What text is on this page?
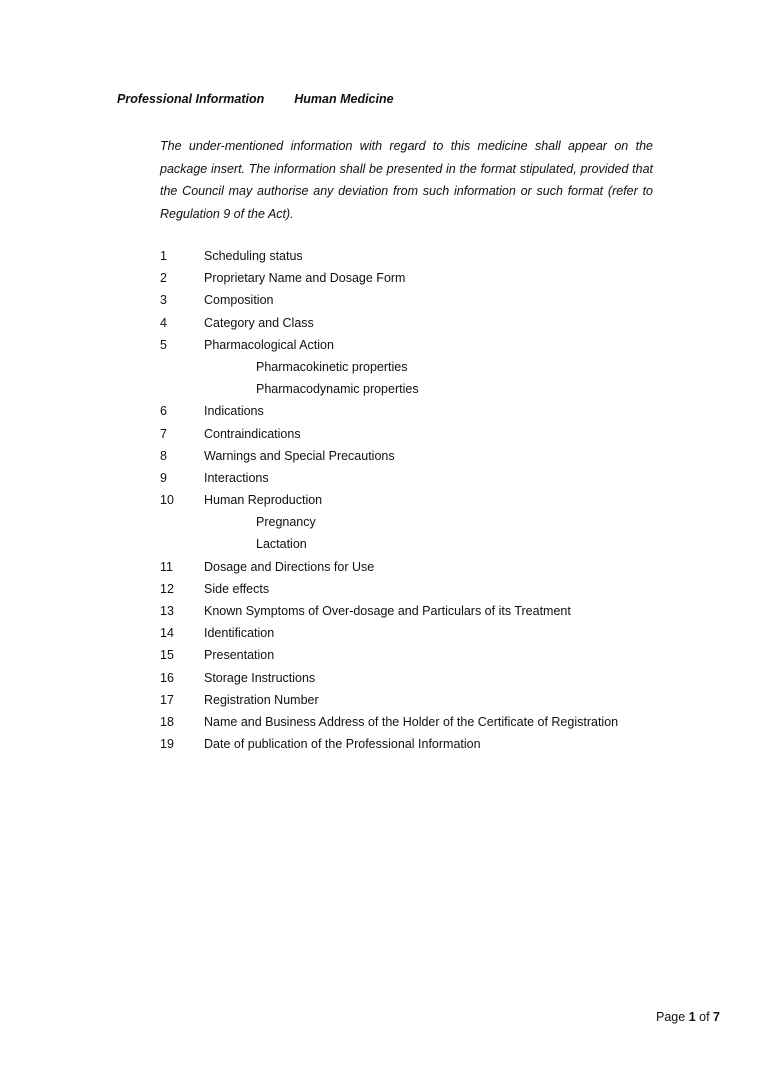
Professional Information Human Medicine
The under-mentioned information with regard to this medicine shall appear on the package insert. The information shall be presented in the format stipulated, provided that the Council may authorise any deviation from such information or such format (refer to Regulation 9 of the Act).
1	Scheduling status
2	Proprietary Name and Dosage Form
3	Composition
4	Category and Class
5	Pharmacological Action
Pharmacokinetic properties
Pharmacodynamic properties
6	Indications
7	Contraindications
8	Warnings and Special Precautions
9	Interactions
10 Human Reproduction
Pregnancy
Lactation
11 Dosage and Directions for Use
12 Side effects
13 Known Symptoms of Over-dosage and Particulars of its Treatment
14 Identification
15 Presentation
16 Storage Instructions
17 Registration Number
18 Name and Business Address of the Holder of the Certificate of Registration
19 Date of publication of the Professional Information
Page 1 of 7
